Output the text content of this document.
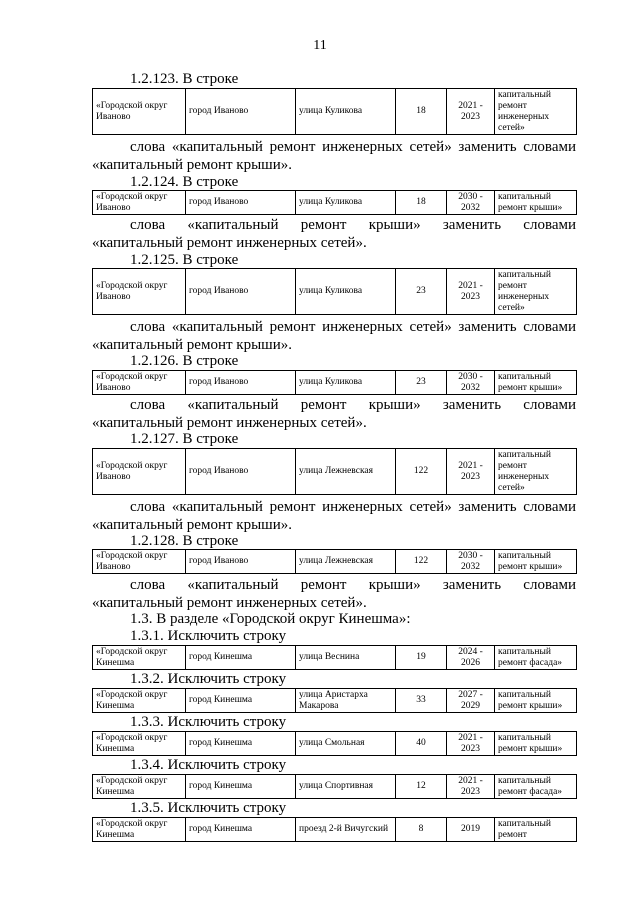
11
1.2.123. В строке
«Городской округ Иваново	город Иваново	улица Куликова	18	2021 - 2023	капитальный ремонт инженерных сетей»
слова «капитальный ремонт инженерных сетей» заменить словами
«капитальный ремонт крыши».
1.2.124. В строке
«Городской округ Иваново	город Иваново	улица Куликова	18	2030 - 2032	капитальный ремонт крыши»
слова «капитальный ремонт крыши» заменить словами
«капитальный ремонт инженерных сетей».
1.2.125. В строке
«Городской округ Иваново	город Иваново	улица Куликова	23	2021 - 2023	капитальный ремонт инженерных сетей»
слова «капитальный ремонт инженерных сетей» заменить словами
«капитальный ремонт крыши».
1.2.126. В строке
«Городской округ Иваново	город Иваново	улица Куликова	23	2030 - 2032	капитальный ремонт крыши»
слова «капитальный ремонт крыши» заменить словами
«капитальный ремонт инженерных сетей».
1.2.127. В строке
«Городской округ Иваново	город Иваново	улица Лежневская	122	2021 - 2023	капитальный ремонт инженерных сетей»
слова «капитальный ремонт инженерных сетей» заменить словами
«капитальный ремонт крыши».
1.2.128. В строке
«Городской округ Иваново	город Иваново	улица Лежневская	122	2030 - 2032	капитальный ремонт крыши»
слова «капитальный ремонт крыши» заменить словами
«капитальный ремонт инженерных сетей».
1.3. В разделе «Городской округ Кинешма»:
1.3.1. Исключить строку
«Городской округ Кинешма	город Кинешма	улица Веснина	19	2024 - 2026	капитальный ремонт фасада»
1.3.2. Исключить строку
«Городской округ Кинешма	город Кинешма	улица Аристарха Макарова	33	2027 - 2029	капитальный ремонт крыши»
1.3.3. Исключить строку
«Городской округ Кинешма	город Кинешма	улица Смольная	40	2021 - 2023	капитальный ремонт крыши»
1.3.4. Исключить строку
«Городской округ Кинешма	город Кинешма	улица Спортивная	12	2021 - 2023	капитальный ремонт фасада»
1.3.5. Исключить строку
«Городской округ Кинешма	город Кинешма	проезд 2-й Вичугский	8	2019	капитальный ремонт
